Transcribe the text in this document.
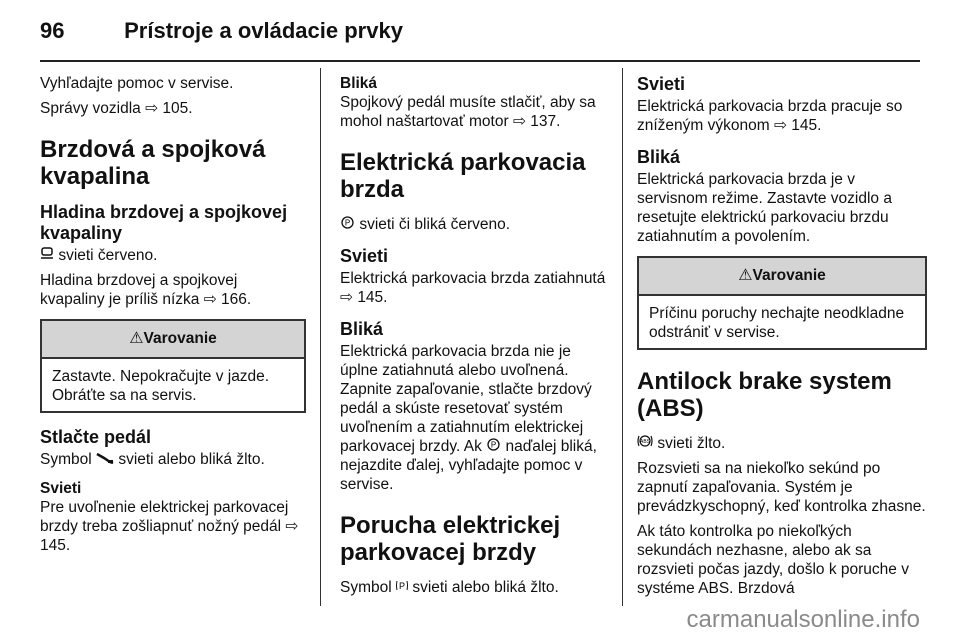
96	Prístroje a ovládacie prvky

Vyhľadajte pomoc v servise.

Správy vozidla ⇨ 105.

Brzdová a spojková kvapalina
Hladina brzdovej a spojkovej kvapaliny

svieti červeno.

Hladina brzdovej a spojkovej kvapaliny je príliš nízka ⇨ 166.

⚠Varovanie

Zastavte. Nepokračujte v jazde. Obráťte sa na servis.

Stlačte pedál

Symbol svieti alebo bliká žlto.

Svieti

Pre uvoľnenie elektrickej parkovacej brzdy treba zošliapnuť nožný pedál ⇨ 145.

Bliká

Spojkový pedál musíte stlačiť, aby sa mohol naštartovať motor ⇨ 137.

Elektrická parkovacia brzda

P svieti či bliká červeno.

Svieti

Elektrická parkovacia brzda zatiahnutá ⇨ 145.

Bliká

Elektrická parkovacia brzda nie je úplne zatiahnutá alebo uvoľnená. Zapnite zapaľovanie, stlačte brzdový pedál a skúste resetovať systém uvoľnením a zatiahnutím elektrickej parkovacej brzdy. Ak P naďalej bliká, nejazdite ďalej, vyhľadajte pomoc v servise.

Porucha elektrickej parkovacej brzdy

Symbol P svieti alebo bliká žlto.

Svieti

Elektrická parkovacia brzda pracuje so zníženým výkonom ⇨ 145.

Bliká

Elektrická parkovacia brzda je v servisnom režime. Zastavte vozidlo a resetujte elektrickú parkovaciu brzdu zatiahnutím a povolením.

⚠Varovanie

Príčinu poruchy nechajte neodkladne odstrániť v servise.

Antilock brake system (ABS)

ABS svieti žlto.

Rozsvieti sa na niekoľko sekúnd po zapnutí zapaľovania. Systém je prevádzkyschopný, keď kontrolka zhasne.

Ak táto kontrolka po niekoľkých sekundách nezhasne, alebo ak sa rozsvieti počas jazdy, došlo k poruche v systéme ABS. Brzdová

carmanualsonline.info
